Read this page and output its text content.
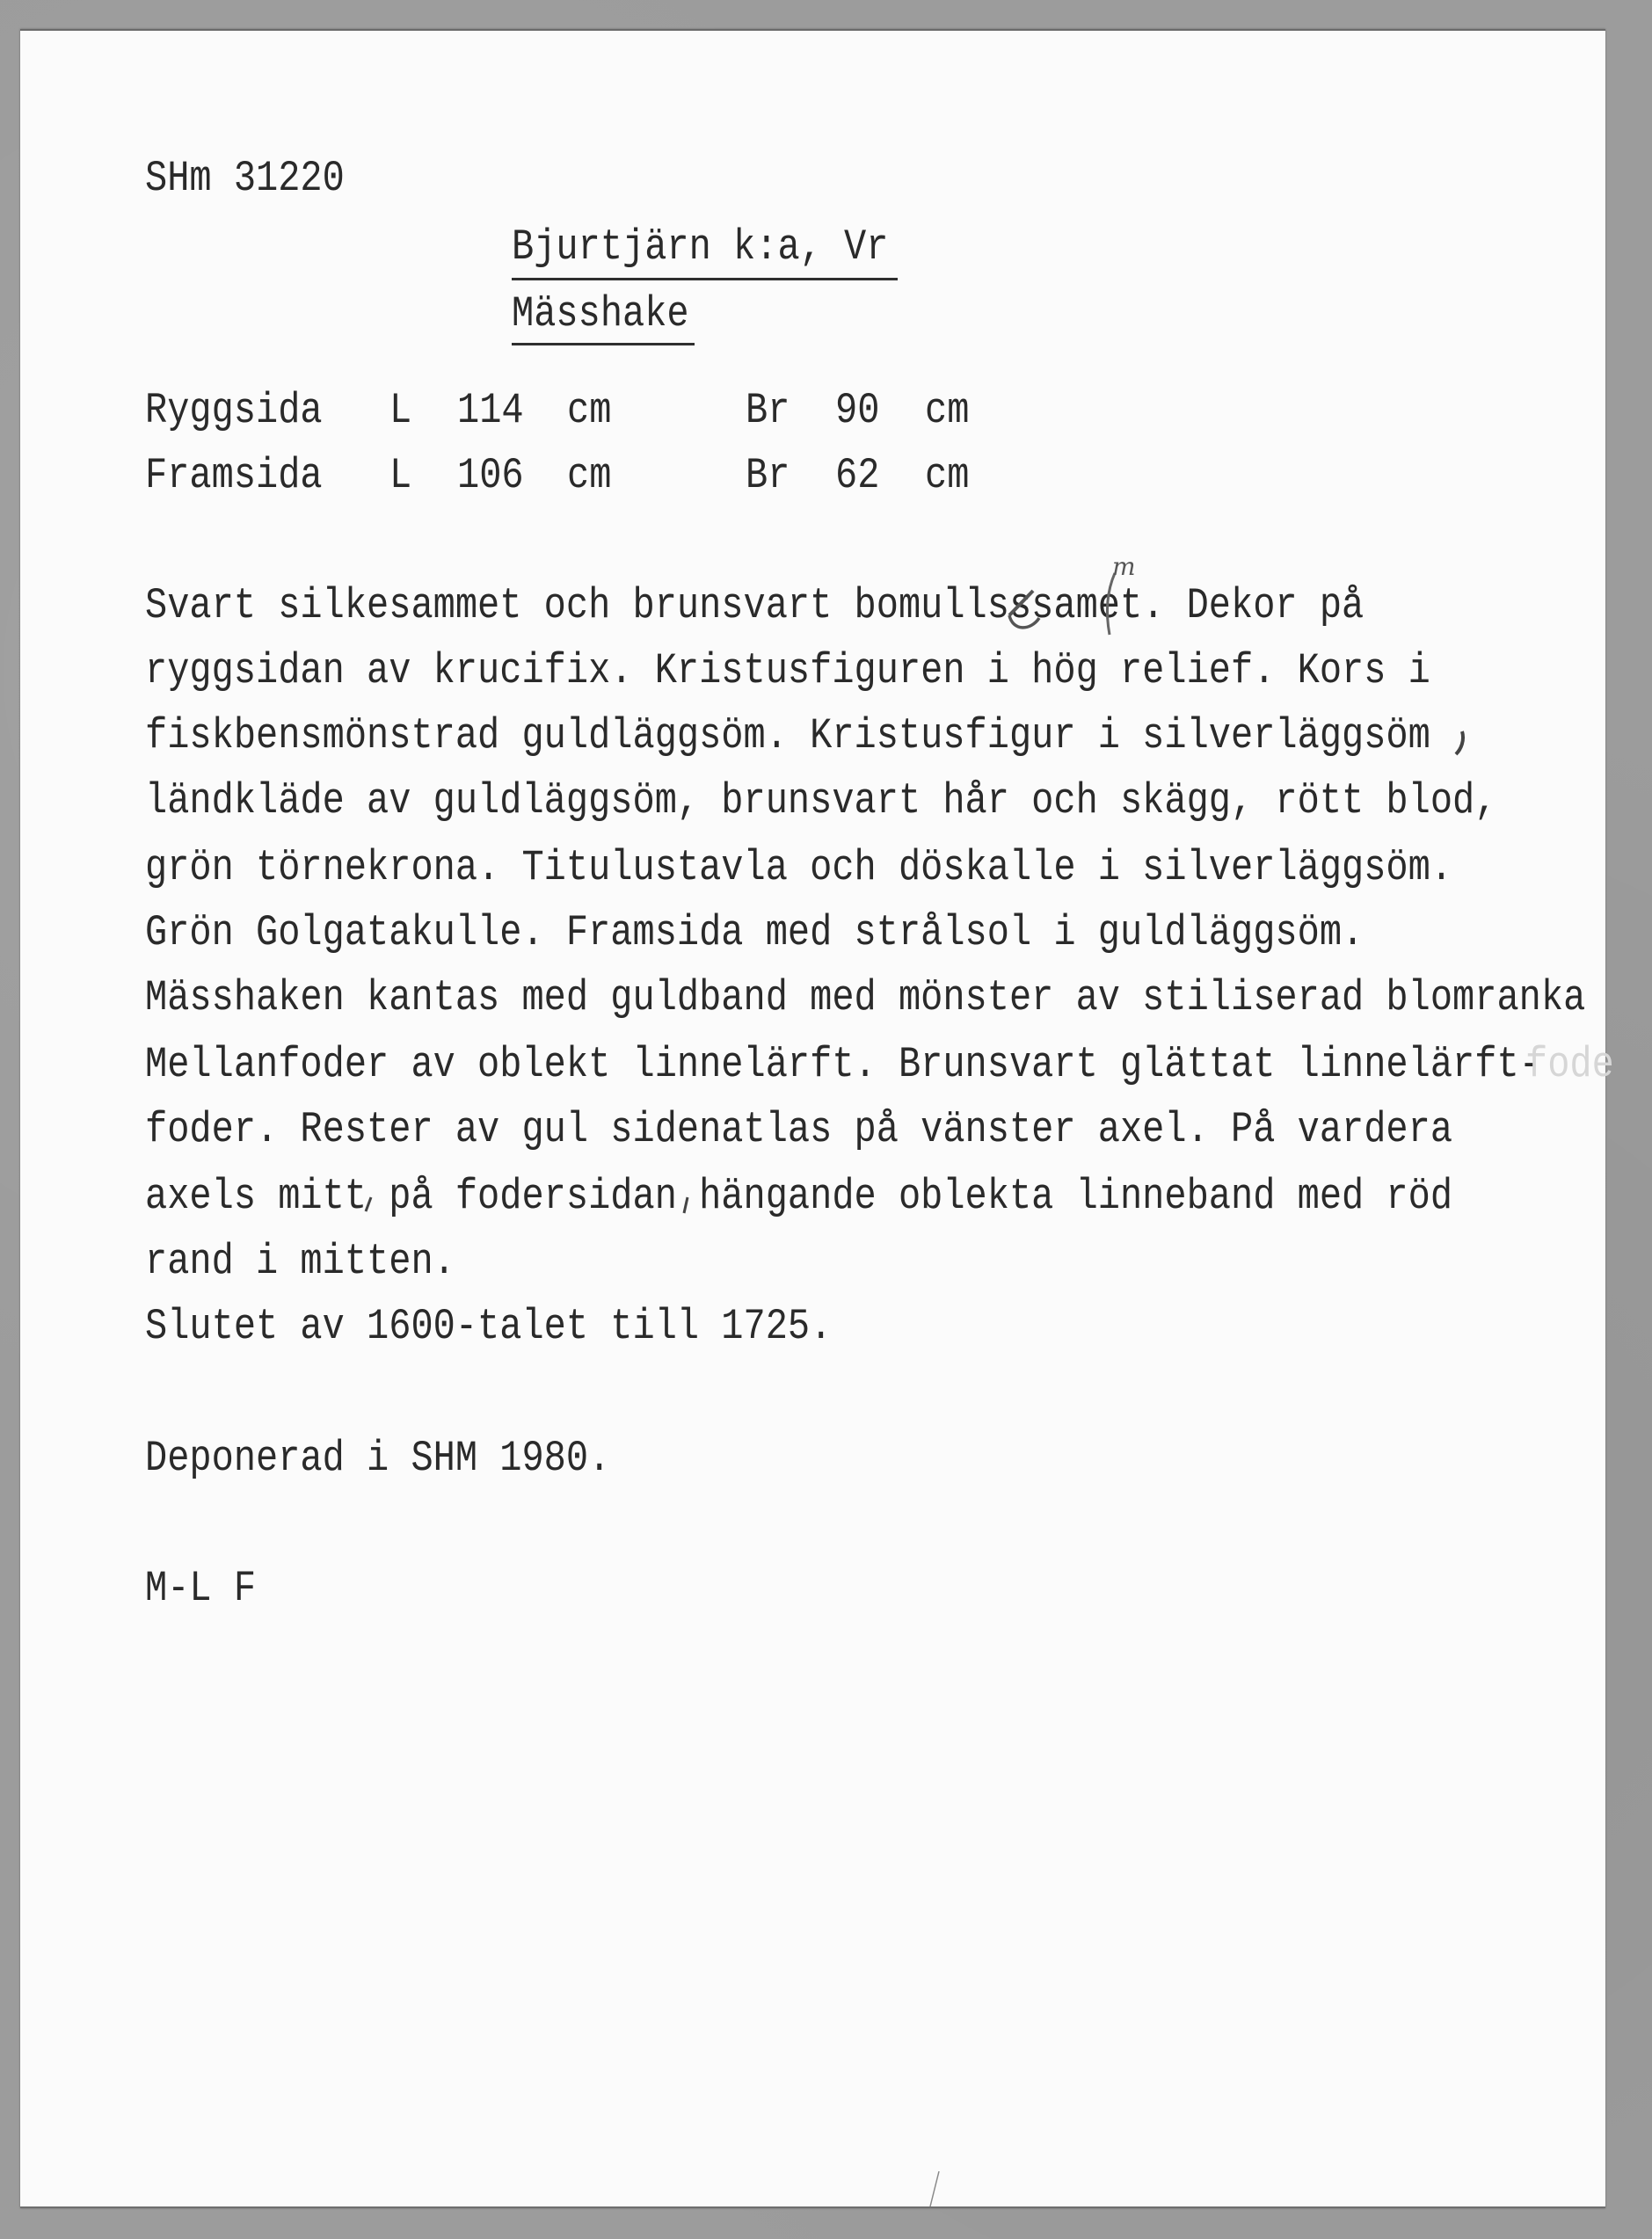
SHm 31220
Bjurtjärn k:a, Vr
Mässhake
Ryggsida L 114 cm	Br 90 cm
Framsida L 106 cm	Br 62 cm
Svart silkesammet och brunsvart bomullsssamet. Dekor på
ryggsidan av krucifix. Kristusfiguren i hög relief. Kors i
fiskbensmönstrad guldläggsöm. Kristusfigur i silverläggsöm
ländkläde av guldläggsöm, brunsvart hår och skägg, rött blod,
grön törnekrona. Titulustavla och döskalle i silverläggsöm.
Grön Golgatakulle. Framsida med strålsol i guldläggsöm.
Mässhaken kantas med guldband med mönster av stiliserad blomranka
Mellanfoder av oblekt linnelärft. Brunsvart glättat linnelärft-
fode
foder. Rester av gul sidenatlas på vänster axel. På vardera
axels mitt på fodersidan hängande oblekta linneband med röd
rand i mitten.
Slutet av 1600-talet till 1725.
Deponerad i SHM 1980.
M-L F
m
